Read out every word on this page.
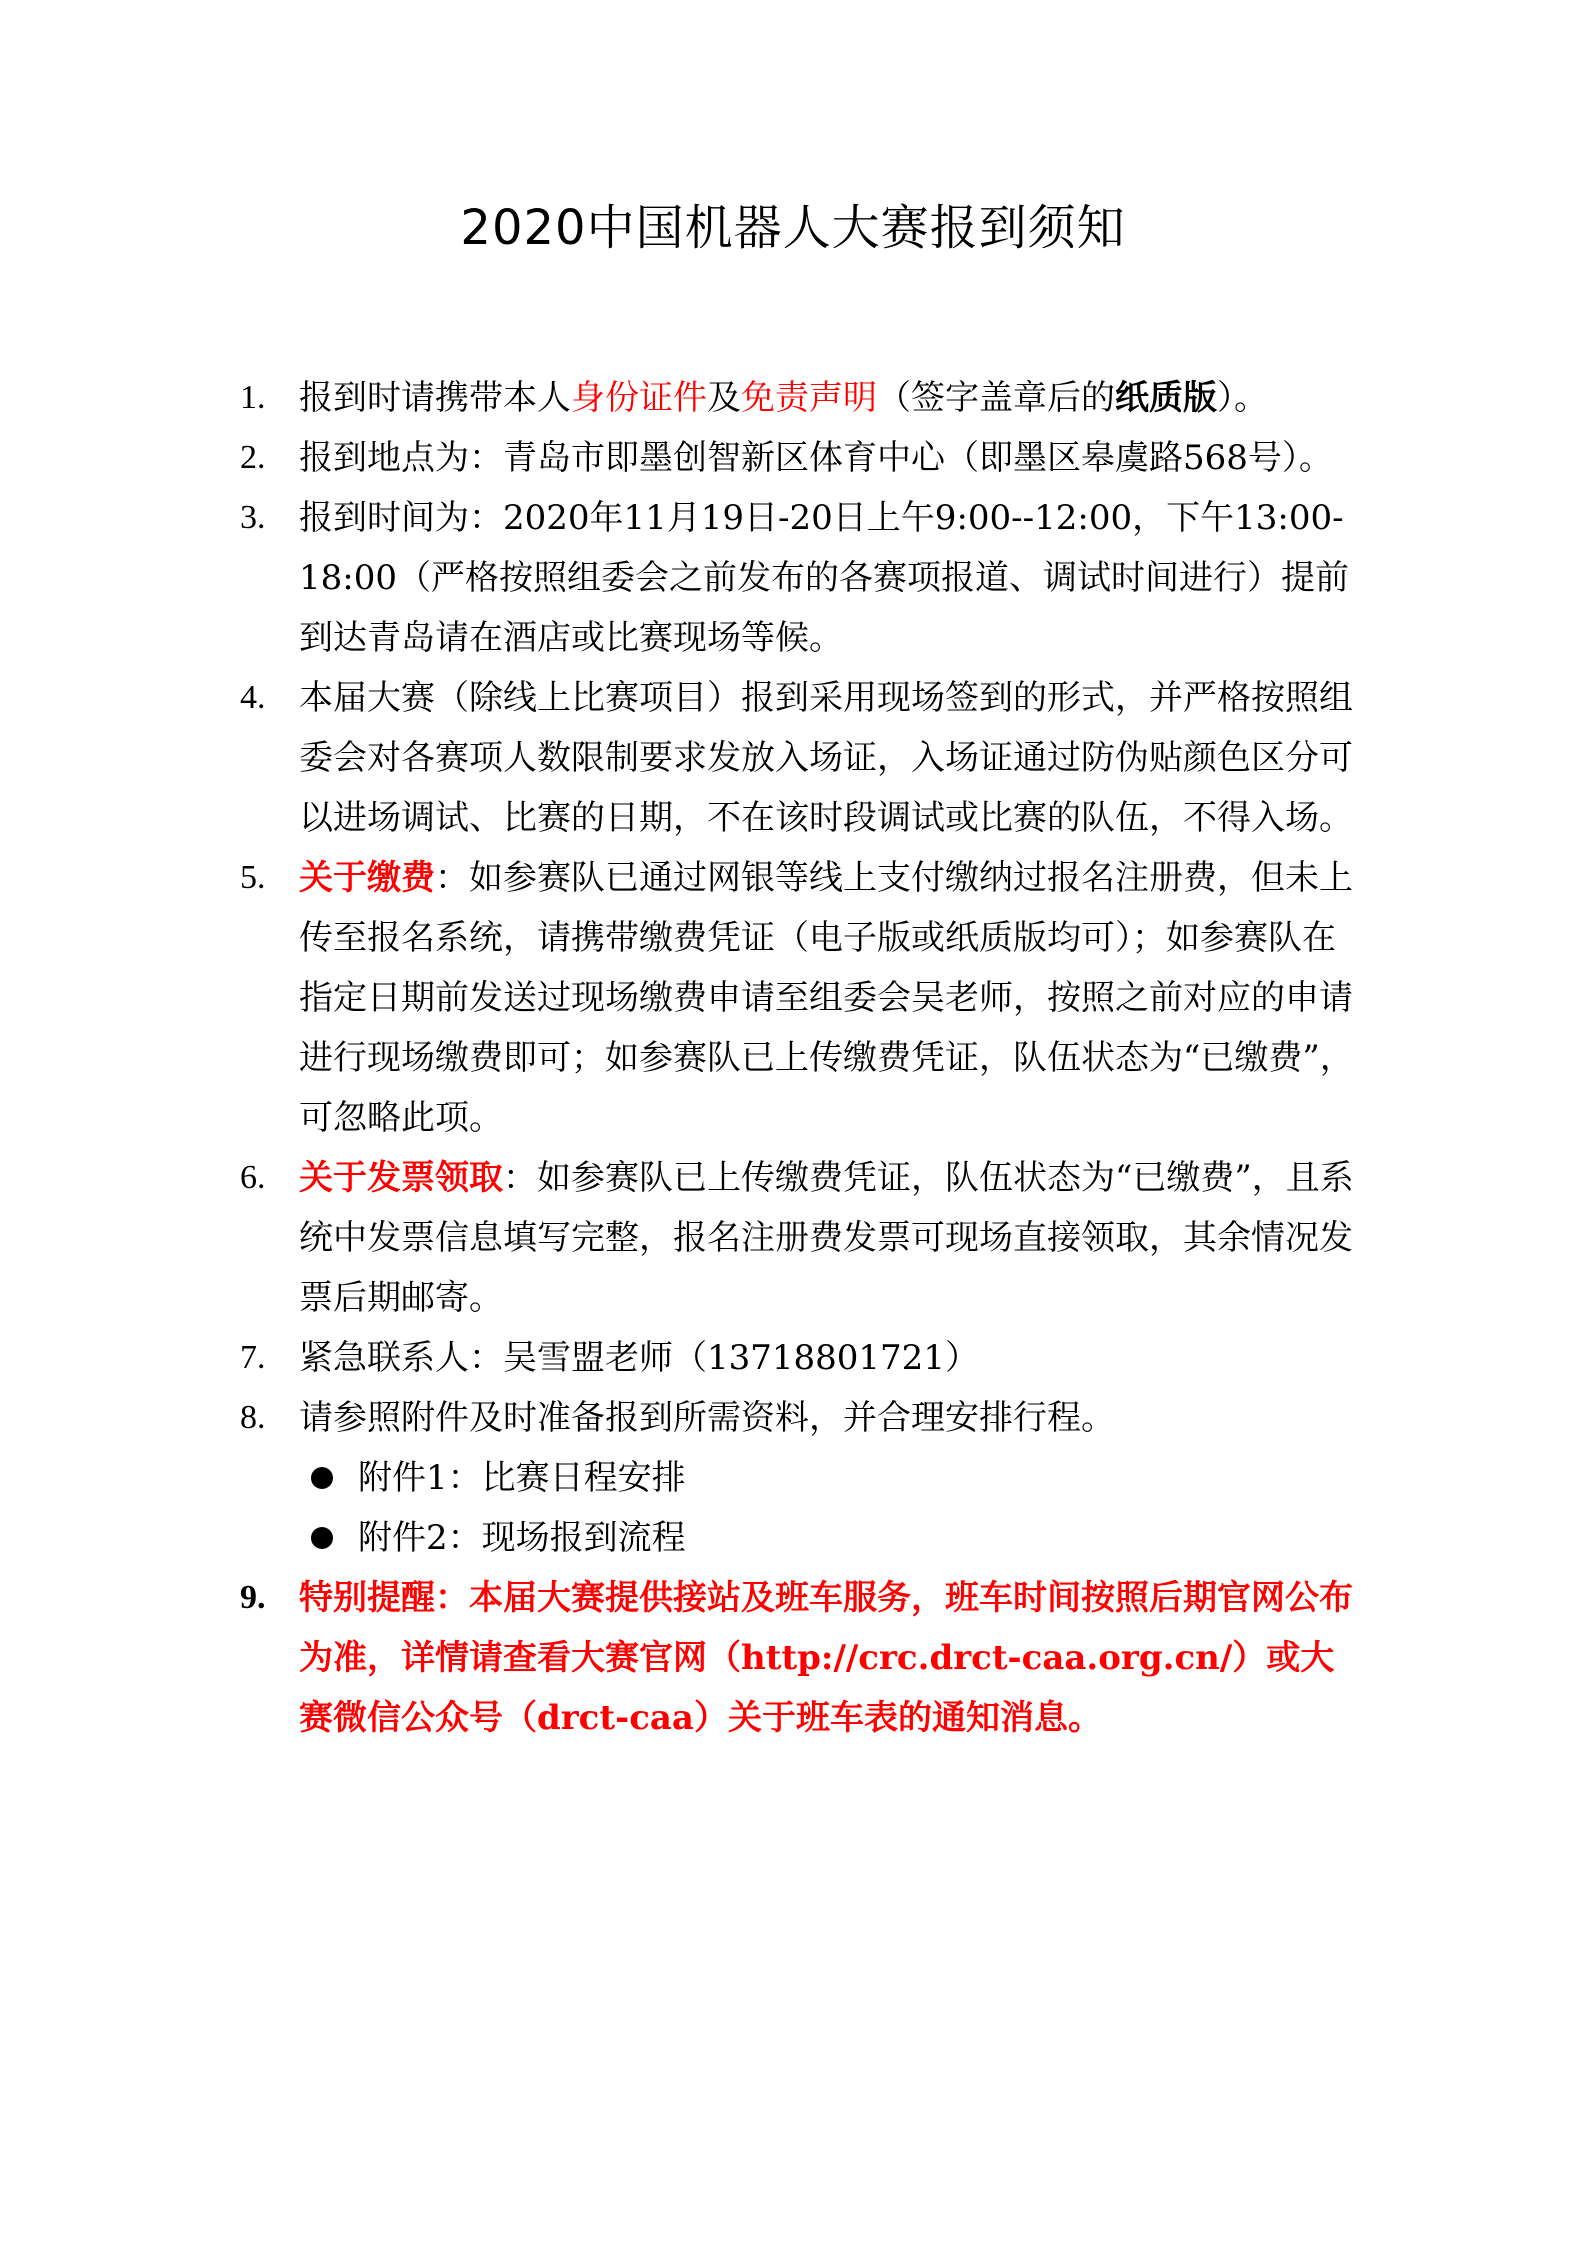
2020中国机器人大赛报到须知
1. 报到时请携带本人身份证件及免责声明（签字盖章后的纸质版）。
2. 报到地点为：青岛市即墨创智新区体育中心（即墨区皋虞路568号）。
3. 报到时间为：2020年11月19日-20日上午9:00--12:00，下午13:00-18:00（严格按照组委会之前发布的各赛项报道、调试时间进行）提前到达青岛请在酒店或比赛现场等候。
4. 本届大赛（除线上比赛项目）报到采用现场签到的形式，并严格按照组委会对各赛项人数限制要求发放入场证，入场证通过防伪贴颜色区分可以进场调试、比赛的日期，不在该时段调试或比赛的队伍，不得入场。
5. 关于缴费：如参赛队已通过网银等线上支付缴纳过报名注册费，但未上传至报名系统，请携带缴费凭证（电子版或纸质版均可）；如参赛队在指定日期前发送过现场缴费申请至组委会吴老师，按照之前对应的申请进行现场缴费即可；如参赛队已上传缴费凭证，队伍状态为“已缴费”，可忽略此项。
6. 关于发票领取：如参赛队已上传缴费凭证，队伍状态为“已缴费”，且系统中发票信息填写完整，报名注册费发票可现场直接领取，其余情况发票后期邮寄。
7. 紧急联系人：吴雪盟老师（13718801721）
8. 请参照附件及时准备报到所需资料，并合理安排行程。
附件1：比赛日程安排
附件2：现场报到流程
9. 特别提醒：本届大赛提供接站及班车服务，班车时间按照后期官网公布为准，详情请查看大赛官网（http://crc.drct-caa.org.cn/）或大赛微信公众号（drct-caa）关于班车表的通知消息。
